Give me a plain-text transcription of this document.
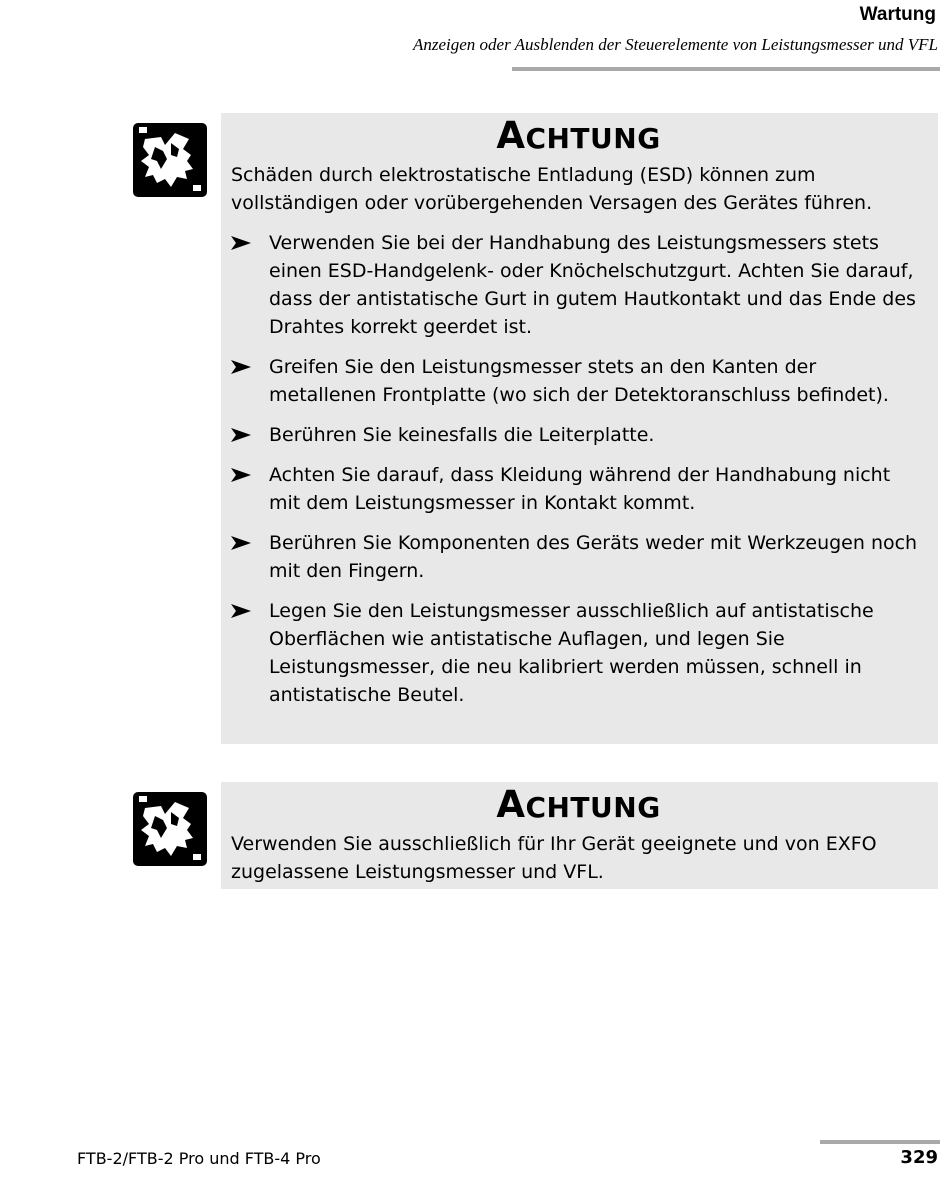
Wartung
Anzeigen oder Ausblenden der Steuerelemente von Leistungsmesser und VFL
ACHTUNG

Schäden durch elektrostatische Entladung (ESD) können zum vollständigen oder vorübergehenden Versagen des Gerätes führen.

Verwenden Sie bei der Handhabung des Leistungsmessers stets einen ESD-Handgelenk- oder Knöchelschutzgurt. Achten Sie darauf, dass der antistatische Gurt in gutem Hautkontakt und das Ende des Drahtes korrekt geerdet ist.
Greifen Sie den Leistungsmesser stets an den Kanten der metallenen Frontplatte (wo sich der Detektoranschluss befindet).
Berühren Sie keinesfalls die Leiterplatte.
Achten Sie darauf, dass Kleidung während der Handhabung nicht mit dem Leistungsmesser in Kontakt kommt.
Berühren Sie Komponenten des Geräts weder mit Werkzeugen noch mit den Fingern.
Legen Sie den Leistungsmesser ausschließlich auf antistatische Oberflächen wie antistatische Auflagen, und legen Sie Leistungsmesser, die neu kalibriert werden müssen, schnell in antistatische Beutel.
ACHTUNG

Verwenden Sie ausschließlich für Ihr Gerät geeignete und von EXFO zugelassene Leistungsmesser und VFL.

FTB-2/FTB-2 Pro und FTB-4 Pro	329
